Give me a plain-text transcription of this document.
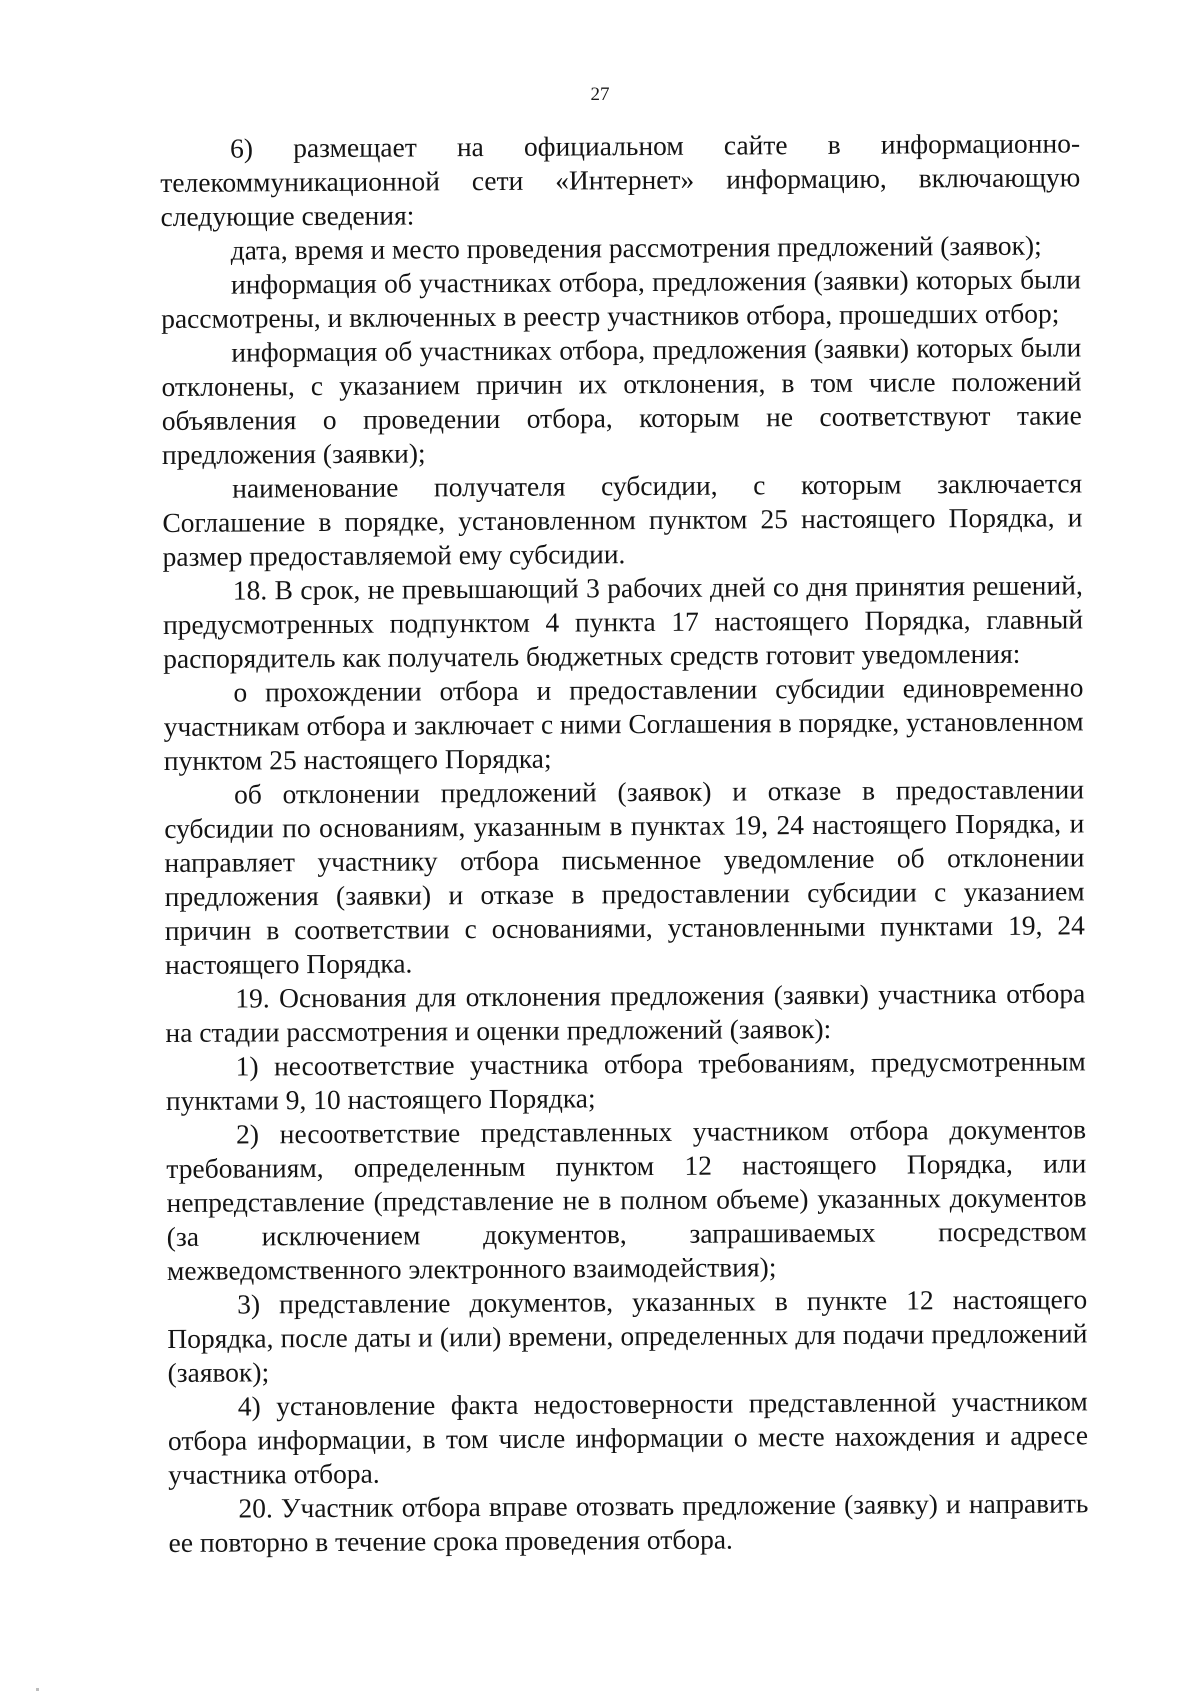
27

6) размещает на официальном сайте в информационно-телекоммуникационной сети «Интернет» информацию, включающую следующие сведения:

дата, время и место проведения рассмотрения предложений (заявок);

информация об участниках отбора, предложения (заявки) которых были рассмотрены, и включенных в реестр участников отбора, прошедших отбор;

информация об участниках отбора, предложения (заявки) которых были отклонены, с указанием причин их отклонения, в том числе положений объявления о проведении отбора, которым не соответствуют такие предложения (заявки);

наименование получателя субсидии, с которым заключается Соглашение в порядке, установленном пунктом 25 настоящего Порядка, и размер предоставляемой ему субсидии.

18. В срок, не превышающий 3 рабочих дней со дня принятия решений, предусмотренных подпунктом 4 пункта 17 настоящего Порядка, главный распорядитель как получатель бюджетных средств готовит уведомления:

о прохождении отбора и предоставлении субсидии единовременно участникам отбора и заключает с ними Соглашения в порядке, установленном пунктом 25 настоящего Порядка;

об отклонении предложений (заявок) и отказе в предоставлении субсидии по основаниям, указанным в пунктах 19, 24 настоящего Порядка, и направляет участнику отбора письменное уведомление об отклонении предложения (заявки) и отказе в предоставлении субсидии с указанием причин в соответствии с основаниями, установленными пунктами 19, 24 настоящего Порядка.

19. Основания для отклонения предложения (заявки) участника отбора на стадии рассмотрения и оценки предложений (заявок):

1) несоответствие участника отбора требованиям, предусмотренным пунктами 9, 10 настоящего Порядка;

2) несоответствие представленных участником отбора документов требованиям, определенным пунктом 12 настоящего Порядка, или непредставление (представление не в полном объеме) указанных документов (за исключением документов, запрашиваемых посредством межведомственного электронного взаимодействия);

3) представление документов, указанных в пункте 12 настоящего Порядка, после даты и (или) времени, определенных для подачи предложений (заявок);

4) установление факта недостоверности представленной участником отбора информации, в том числе информации о месте нахождения и адресе участника отбора.

20. Участник отбора вправе отозвать предложение (заявку) и направить ее повторно в течение срока проведения отбора.
